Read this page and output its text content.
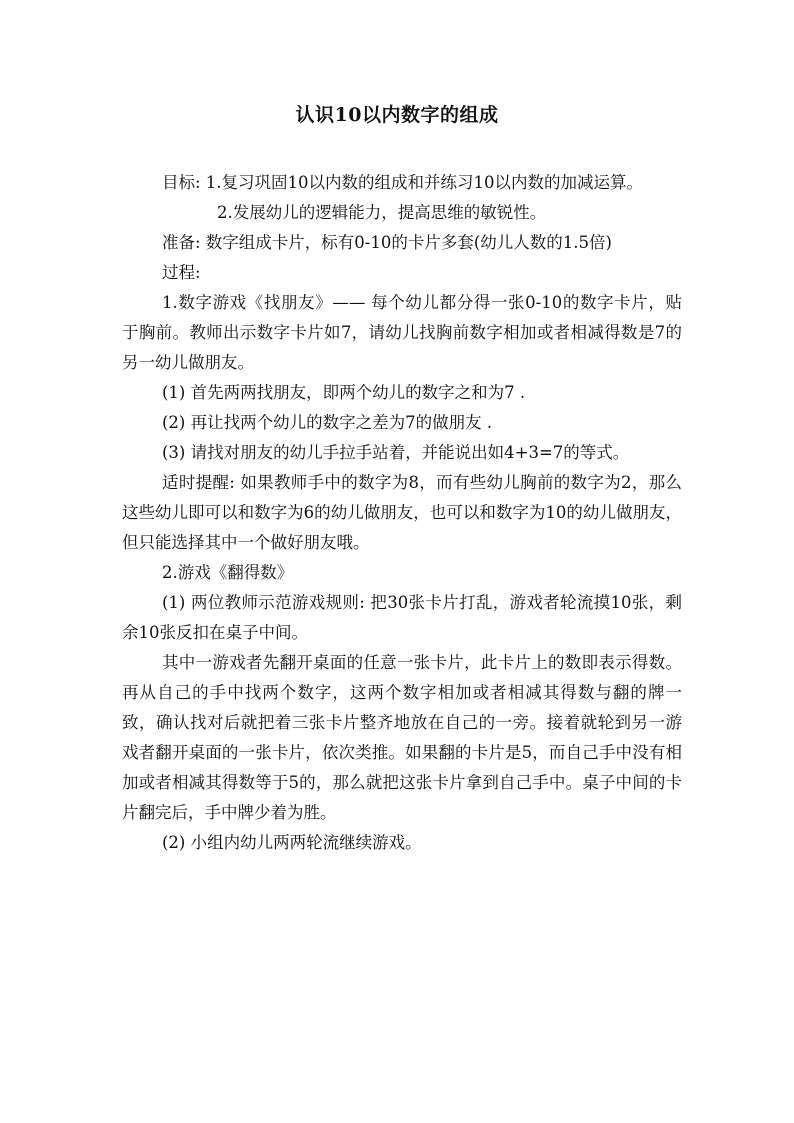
认识10以内数字的组成

目标: 1.复习巩固10以内数的组成和并练习10以内数的加减运算。

2.发展幼儿的逻辑能力，提高思维的敏锐性。

准备: 数字组成卡片，标有0-10的卡片多套(幼儿人数的1.5倍)

过程:

1.数字游戏《找朋友》—— 每个幼儿都分得一张0-10的数字卡片，贴于胸前。教师出示数字卡片如7，请幼儿找胸前数字相加或者相减得数是7的另一幼儿做朋友。

(1) 首先两两找朋友，即两个幼儿的数字之和为7 .

(2) 再让找两个幼儿的数字之差为7的做朋友 .

(3) 请找对朋友的幼儿手拉手站着，并能说出如4+3=7的等式。

适时提醒: 如果教师手中的数字为8，而有些幼儿胸前的数字为2，那么这些幼儿即可以和数字为6的幼儿做朋友，也可以和数字为10的幼儿做朋友，但只能选择其中一个做好朋友哦。

2.游戏《翻得数》

(1) 两位教师示范游戏规则: 把30张卡片打乱，游戏者轮流摸10张，剩余10张反扣在桌子中间。

其中一游戏者先翻开桌面的任意一张卡片，此卡片上的数即表示得数。再从自己的手中找两个数字，这两个数字相加或者相减其得数与翻的牌一致，确认找对后就把着三张卡片整齐地放在自己的一旁。接着就轮到另一游戏者翻开桌面的一张卡片，依次类推。如果翻的卡片是5，而自己手中没有相加或者相减其得数等于5的，那么就把这张卡片拿到自己手中。桌子中间的卡片翻完后，手中牌少着为胜。

(2) 小组内幼儿两两轮流继续游戏。
